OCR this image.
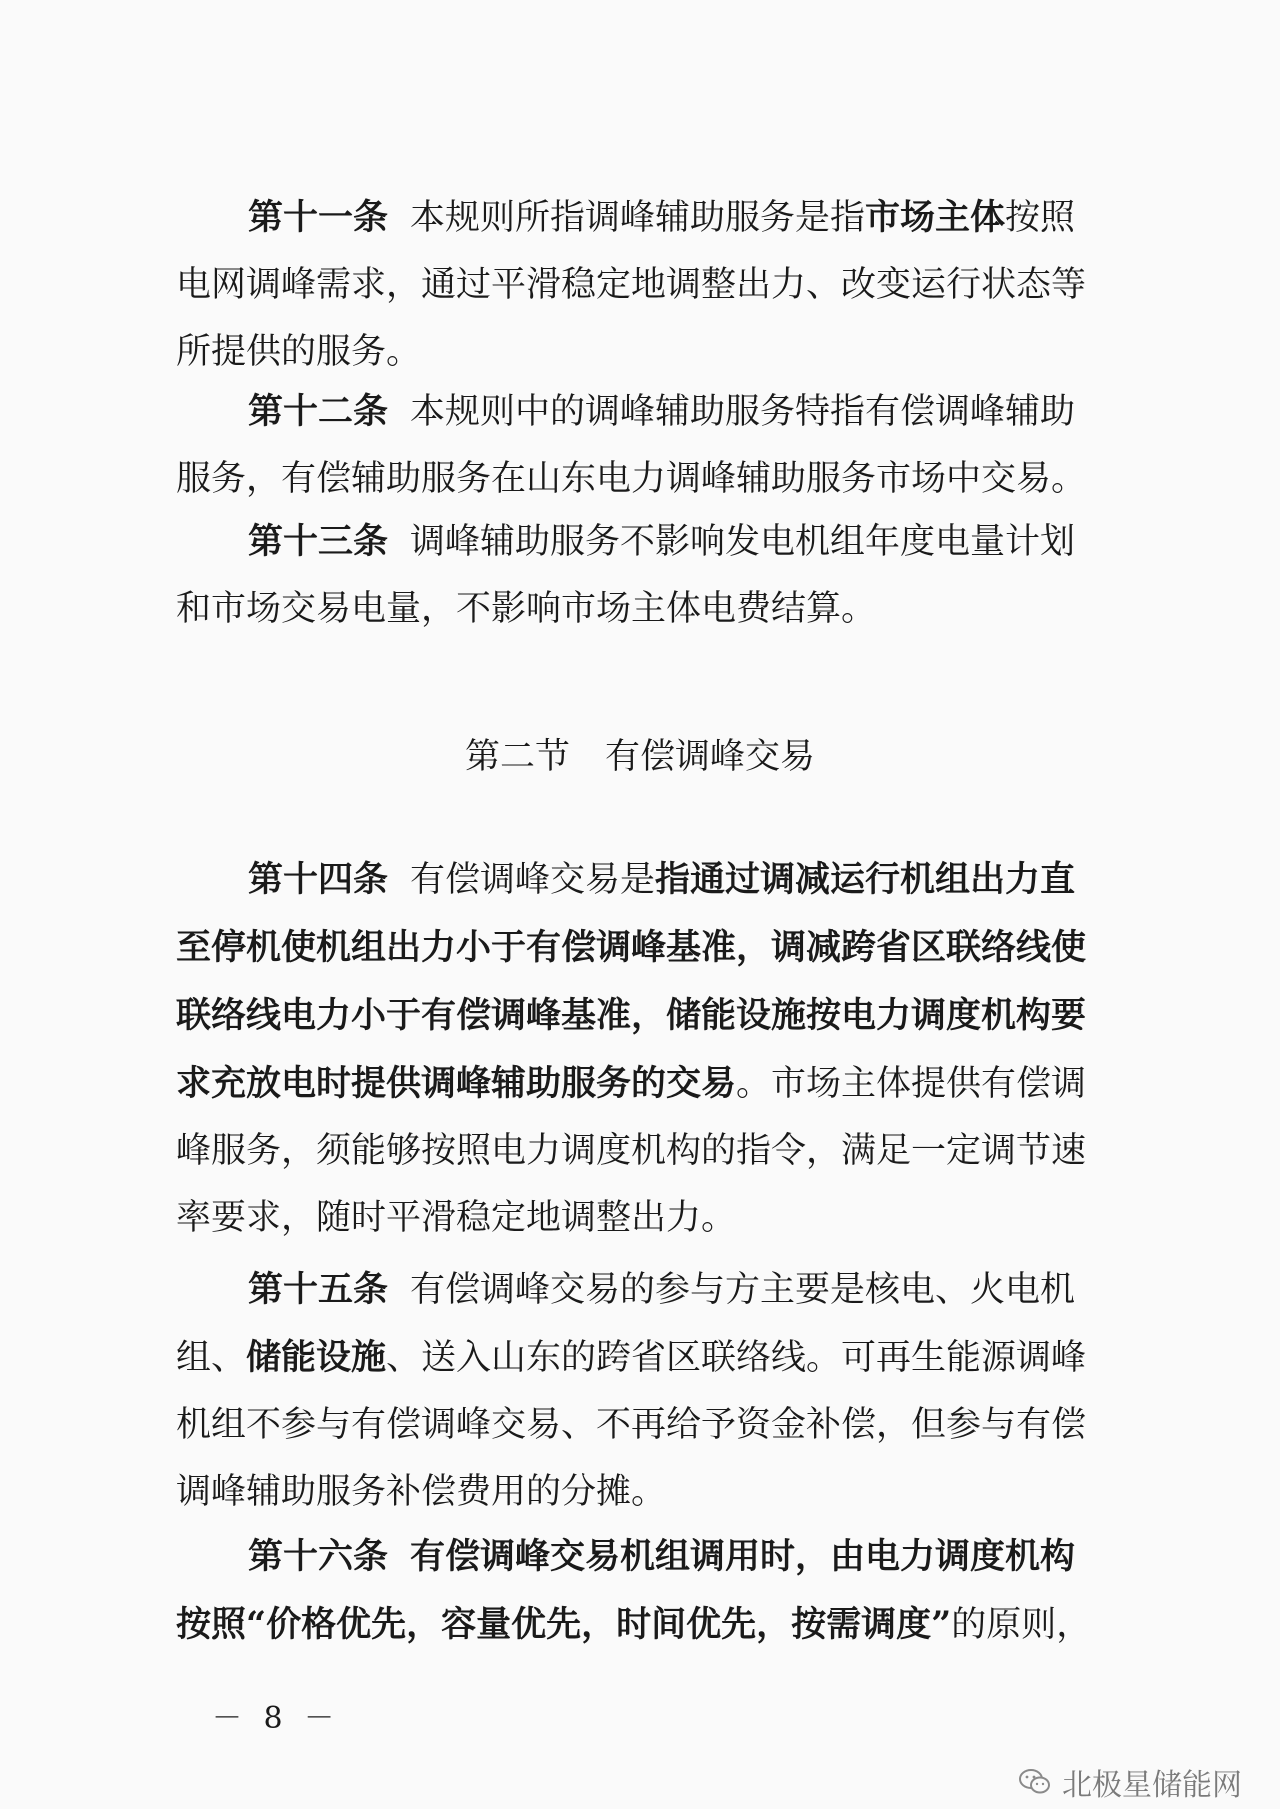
第十一条 本规则所指调峰辅助服务是指市场主体按照电网调峰需求，通过平滑稳定地调整出力、改变运行状态等所提供的服务。

第十二条 本规则中的调峰辅助服务特指有偿调峰辅助服务，有偿辅助服务在山东电力调峰辅助服务市场中交易。

第十三条 调峰辅助服务不影响发电机组年度电量计划和市场交易电量，不影响市场主体电费结算。

第二节　有偿调峰交易

第十四条 有偿调峰交易是指通过调减运行机组出力直至停机使机组出力小于有偿调峰基准，调减跨省区联络线使联络线电力小于有偿调峰基准，储能设施按电力调度机构要求充放电时提供调峰辅助服务的交易。市场主体提供有偿调峰服务，须能够按照电力调度机构的指令，满足一定调节速率要求，随时平滑稳定地调整出力。

第十五条 有偿调峰交易的参与方主要是核电、火电机组、储能设施、送入山东的跨省区联络线。可再生能源调峰机组不参与有偿调峰交易、不再给予资金补偿，但参与有偿调峰辅助服务补偿费用的分摊。

第十六条 有偿调峰交易机组调用时，由电力调度机构按照“价格优先，容量优先，时间优先，按需调度”的原则，

－ 8 －

北极星储能网
